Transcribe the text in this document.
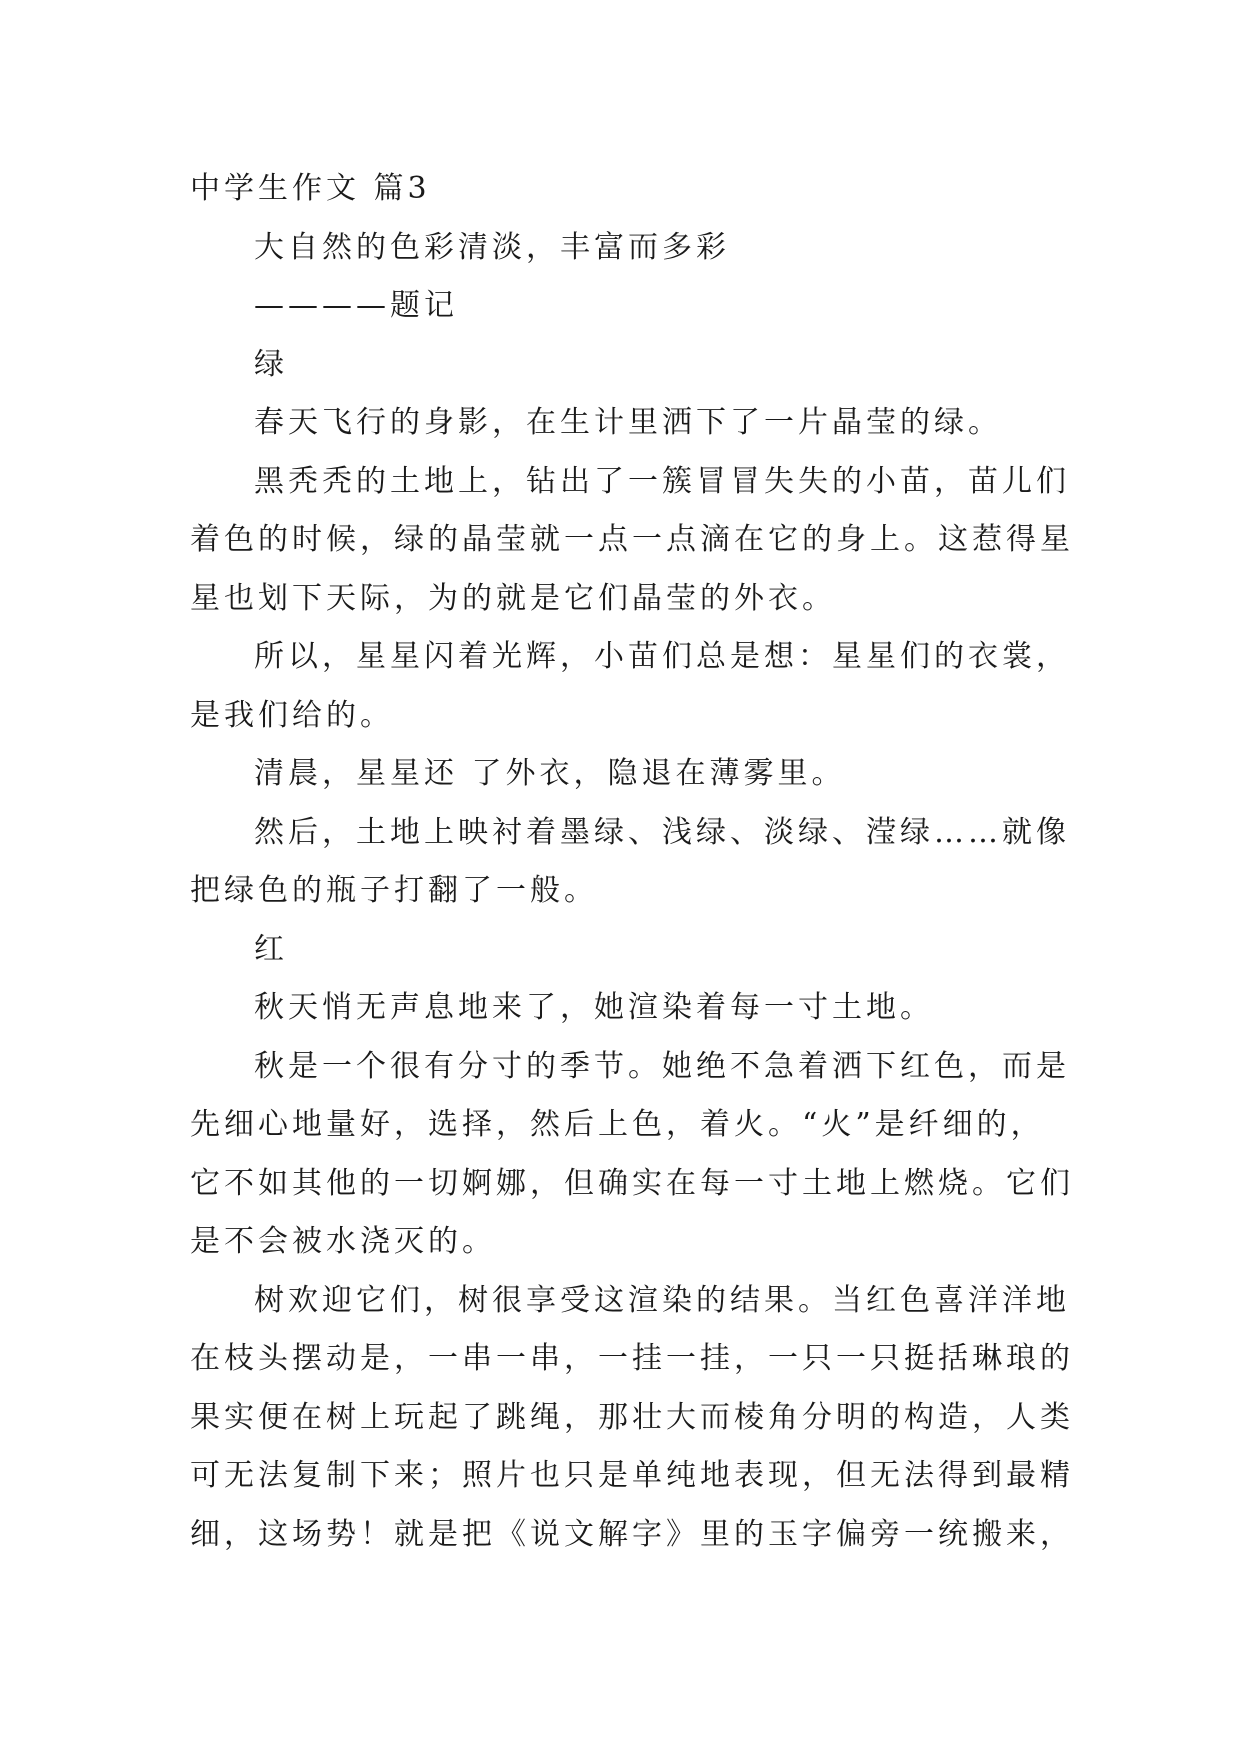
中学生作文 篇3
大自然的色彩清淡，丰富而多彩
————题记
绿
春天飞行的身影，在生计里洒下了一片晶莹的绿。
黑秃秃的土地上，钻出了一簇冒冒失失的小苗，苗儿们
着色的时候，绿的晶莹就一点一点滴在它的身上。这惹得星
星也划下天际，为的就是它们晶莹的外衣。
所以，星星闪着光辉，小苗们总是想：星星们的衣裳，
是我们给的。
清晨，星星还 了外衣，隐退在薄雾里。
然后，土地上映衬着墨绿、浅绿、淡绿、滢绿……就像
把绿色的瓶子打翻了一般。
红
秋天悄无声息地来了，她渲染着每一寸土地。
秋是一个很有分寸的季节。她绝不急着洒下红色，而是
先细心地量好，选择，然后上色，着火。“火”是纤细的，
它不如其他的一切婀娜，但确实在每一寸土地上燃烧。它们
是不会被水浇灭的。
树欢迎它们，树很享受这渲染的结果。当红色喜洋洋地
在枝头摆动是，一串一串，一挂一挂，一只一只挺括琳琅的
果实便在树上玩起了跳绳，那壮大而棱角分明的构造，人类
可无法复制下来；照片也只是单纯地表现，但无法得到最精
细，这场势！就是把《说文解字》里的玉字偏旁一统搬来，
